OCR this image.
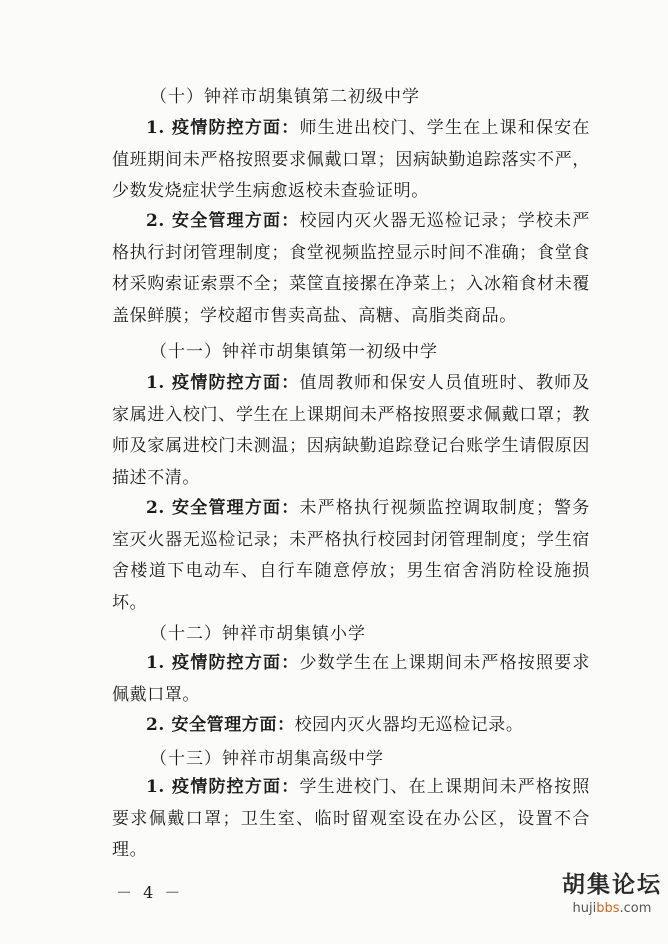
（十）钟祥市胡集镇第二初级中学

1. 疫情防控方面：师生进出校门、学生在上课和保安在值班期间未严格按照要求佩戴口罩；因病缺勤追踪落实不严，少数发烧症状学生病愈返校未查验证明。

2. 安全管理方面：校园内灭火器无巡检记录；学校未严格执行封闭管理制度；食堂视频监控显示时间不准确；食堂食材采购索证索票不全；菜筐直接摞在净菜上；入冰箱食材未覆盖保鲜膜；学校超市售卖高盐、高糖、高脂类商品。

（十一）钟祥市胡集镇第一初级中学

1. 疫情防控方面：值周教师和保安人员值班时、教师及家属进入校门、学生在上课期间未严格按照要求佩戴口罩；教师及家属进校门未测温；因病缺勤追踪登记台账学生请假原因描述不清。

2. 安全管理方面：未严格执行视频监控调取制度；警务室灭火器无巡检记录；未严格执行校园封闭管理制度；学生宿舍楼道下电动车、自行车随意停放；男生宿舍消防栓设施损坏。

（十二）钟祥市胡集镇小学

1. 疫情防控方面：少数学生在上课期间未严格按照要求佩戴口罩。

2. 安全管理方面：校园内灭火器均无巡检记录。

（十三）钟祥市胡集高级中学

1. 疫情防控方面：学生进校门、在上课期间未严格按照要求佩戴口罩；卫生室、临时留观室设在办公区，设置不合理。

－ 4 －	胡集论坛
hujibbs.com
